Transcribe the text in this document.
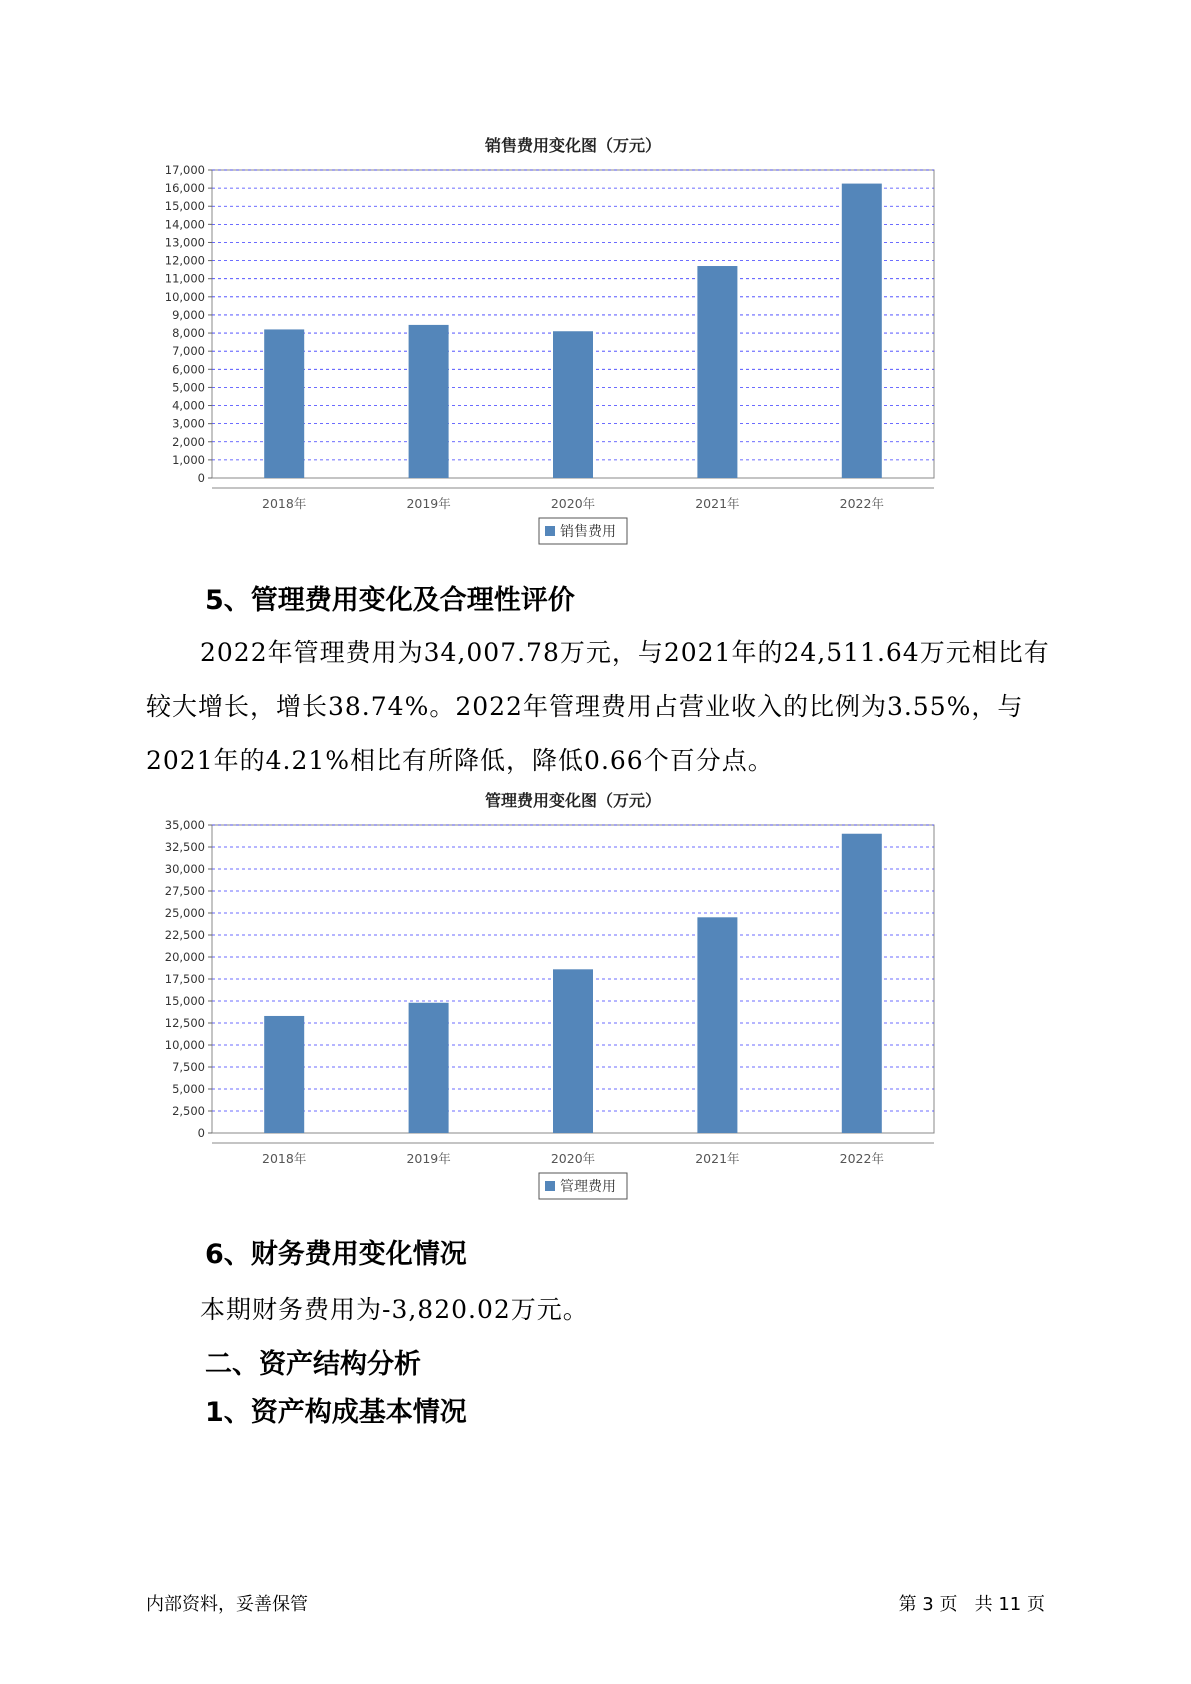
销售费用变化图（万元）
0
1,000
2,000
3,000
4,000
5,000
6,000
7,000
8,000
9,000
10,000
11,000
12,000
13,000
14,000
15,000
16,000
17,000
2018年	2019年	2020年	2021年	2022年
销售费用
5、管理费用变化及合理性评价

2022年管理费用为34,007.78万元，与2021年的24,511.64万元相比有较大增长，增长38.74%。2022年管理费用占营业收入的比例为3.55%，与2021年的4.21%相比有所降低，降低0.66个百分点。

管理费用变化图（万元）
0
2,500
5,000
7,500
10,000
12,500
15,000
17,500
20,000
22,500
25,000
27,500
30,000
32,500
35,000
2018年	2019年	2020年	2021年	2022年
管理费用
6、财务费用变化情况

本期财务费用为-3,820.02万元。

二、资产结构分析
1、资产构成基本情况
内部资料，妥善保管	第 3 页   共 11 页
